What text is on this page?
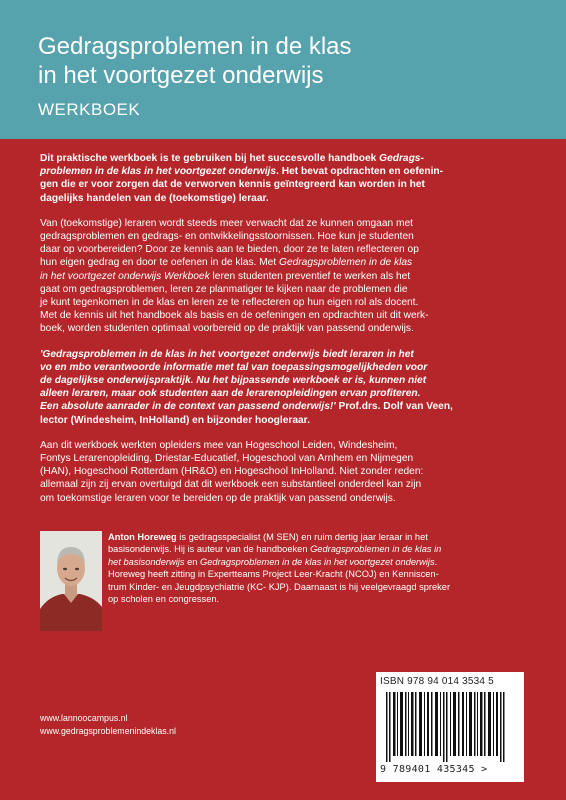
Gedragsproblemen in de klas
in het voortgezet onderwijs
WERKBOEK
Dit praktische werkboek is te gebruiken bij het succesvolle handboek Gedrags-
problemen in de klas in het voortgezet onderwijs. Het bevat opdrachten en oefenin-
gen die er voor zorgen dat de verworven kennis geïntegreerd kan worden in het
dagelijks handelen van de (toekomstige) leraar.
Van (toekomstige) leraren wordt steeds meer verwacht dat ze kunnen omgaan met
gedragsproblemen en gedrags- en ontwikkelingsstoornissen. Hoe kun je studenten
daar op voorbereiden? Door ze kennis aan te bieden, door ze te laten reflecteren op
hun eigen gedrag en door te oefenen in de klas. Met Gedragsproblemen in de klas
in het voortgezet onderwijs Werkboek leren studenten preventief te werken als het
gaat om gedragsproblemen, leren ze planmatiger te kijken naar de problemen die
je kunt tegenkomen in de klas en leren ze te reflecteren op hun eigen rol als docent.
Met de kennis uit het handboek als basis en de oefeningen en opdrachten uit dit werk-
boek, worden studenten optimaal voorbereid op de praktijk van passend onderwijs.
'Gedragsproblemen in de klas in het voortgezet onderwijs biedt leraren in het
vo en mbo verantwoorde informatie met tal van toepassingsmogelijkheden voor
de dagelijkse onderwijspraktijk. Nu het bijpassende werkboek er is, kunnen niet
alleen leraren, maar ook studenten aan de lerarenopleidingen ervan profiteren.
Een absolute aanrader in de context van passend onderwijs!' Prof.drs. Dolf van Veen,
lector (Windesheim, InHolland) en bijzonder hoogleraar.
Aan dit werkboek werkten opleiders mee van Hogeschool Leiden, Windesheim,
Fontys Lerarenopleiding, Driestar-Educatief, Hogeschool van Arnhem en Nijmegen
(HAN), Hogeschool Rotterdam (HR&O) en Hogeschool InHolland. Niet zonder reden:
allemaal zijn zij ervan overtuigd dat dit werkboek een substantieel onderdeel kan zijn
om toekomstige leraren voor te bereiden op de praktijk van passend onderwijs.
Anton Horeweg is gedragsspecialist (M SEN) en ruim dertig jaar leraar in het
basisonderwijs. Hij is auteur van de handboeken Gedragsproblemen in de klas in
het basisonderwijs en Gedragsproblemen in de klas in het voortgezet onderwijs.
Horeweg heeft zitting in Expertteams Project Leer-Kracht (NCOJ) en Kenniscen-
trum Kinder- en Jeugdpsychiatrie (KC- KJP). Daarnaast is hij veelgevraagd spreker
op scholen en congressen.
www.lannoocampus.nl
www.gedragsproblemenindeklas.nl
ISBN 978 94 014 3534 5
9 789401 435345 >
